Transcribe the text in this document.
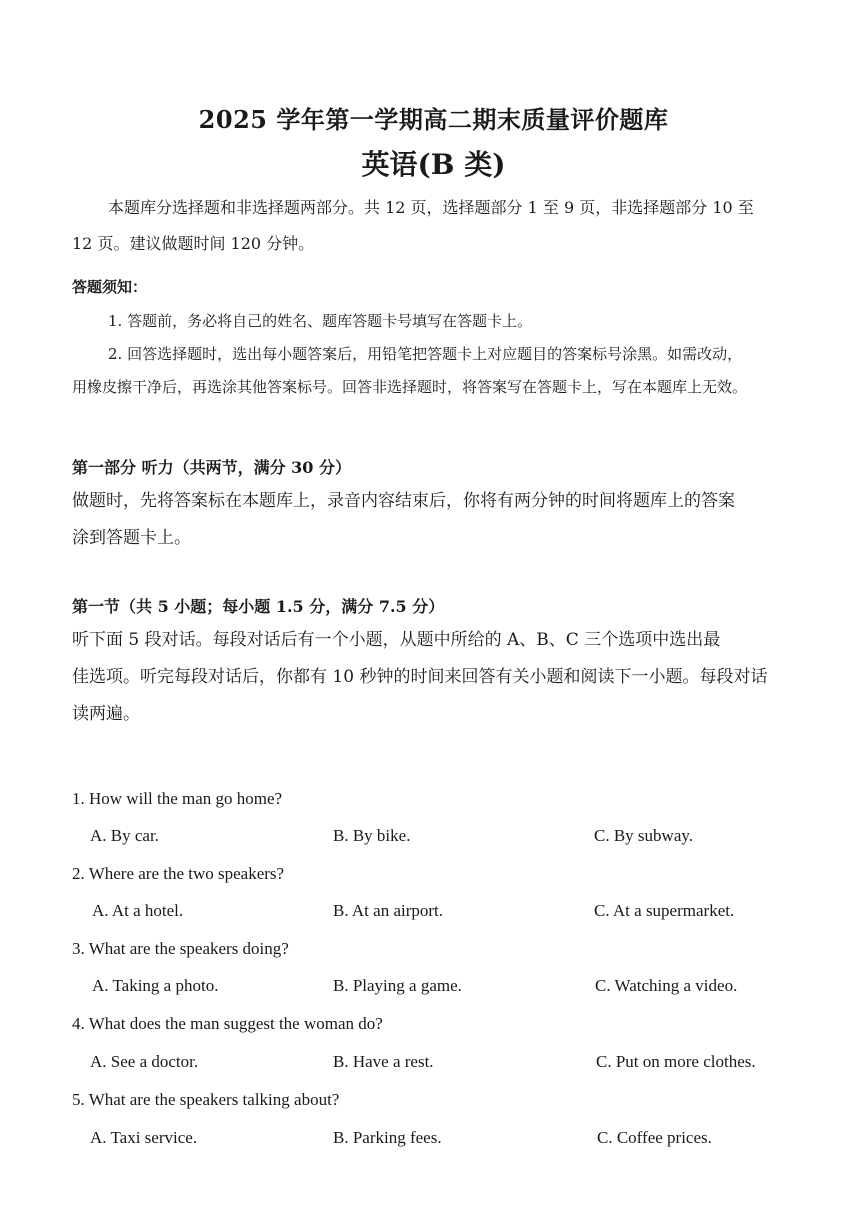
2025 学年第一学期高二期末质量评价题库
英语(B 类)
本题库分选择题和非选择题两部分。共 12 页，选择题部分 1 至 9 页，非选择题部分 10 至
12 页。建议做题时间 120 分钟。
答题须知：
1. 答题前，务必将自己的姓名、题库答题卡号填写在答题卡上。
2. 回答选择题时，选出每小题答案后，用铅笔把答题卡上对应题目的答案标号涂黑。如需改动，
用橡皮擦干净后，再选涂其他答案标号。回答非选择题时，将答案写在答题卡上，写在本题库上无效。
第一部分 听力（共两节，满分 30 分）
做题时，先将答案标在本题库上，录音内容结束后，你将有两分钟的时间将题库上的答案
涂到答题卡上。
第一节（共 5 小题；每小题 1.5 分，满分 7.5 分）
听下面 5 段对话。每段对话后有一个小题，从题中所给的 A、B、C 三个选项中选出最
佳选项。听完每段对话后，你都有 10 秒钟的时间来回答有关小题和阅读下一小题。每段对话
读两遍。
1. How will the man go home?
A. By car.	B. By bike.	C. By subway.
2. Where are the two speakers?
A. At a hotel.	B. At an airport.	C. At a supermarket.
3. What are the speakers doing?
A. Taking a photo.	B. Playing a game.	C. Watching a video.
4. What does the man suggest the woman do?
A. See a doctor.	B. Have a rest.	C. Put on more clothes.
5. What are the speakers talking about?
A. Taxi service.	B. Parking fees.	C. Coffee prices.
